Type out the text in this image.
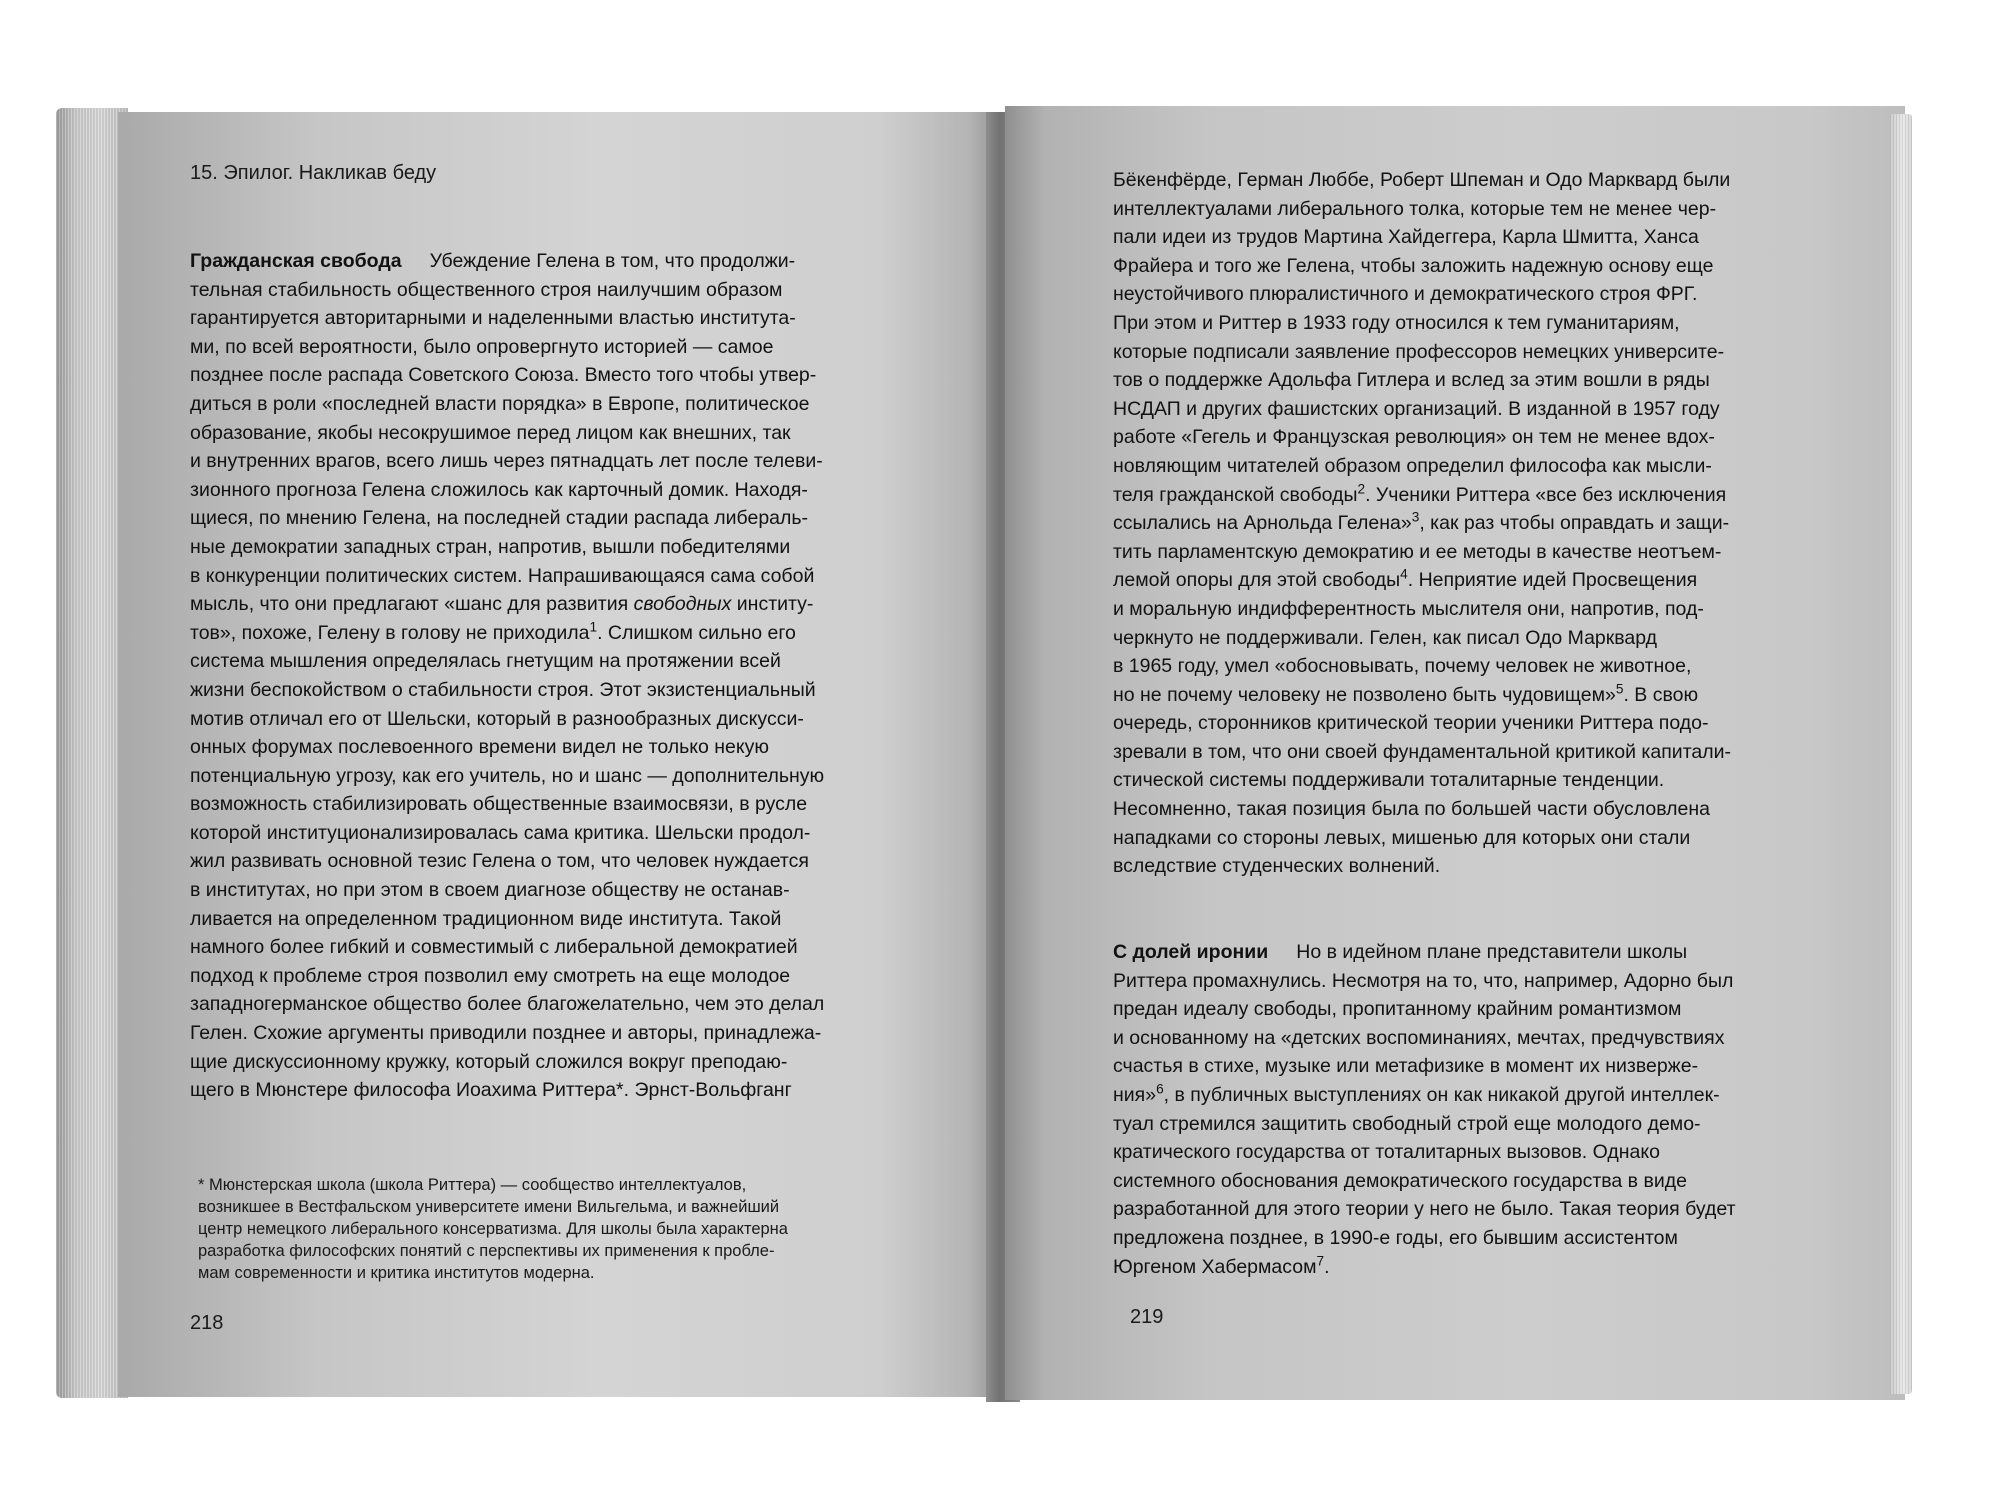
15. Эпилог. Накликав беду
Гражданская свобода Убеждение Гелена в том, что продолжи-
тельная стабильность общественного строя наилучшим образом
гарантируется авторитарными и наделенными властью института-
ми, по всей вероятности, было опровергнуто историей — самое
позднее после распада Советского Союза. Вместо того чтобы утвер-
диться в роли «последней власти порядка» в Европе, политическое
образование, якобы несокрушимое перед лицом как внешних, так
и внутренних врагов, всего лишь через пятнадцать лет после телеви-
зионного прогноза Гелена сложилось как карточный домик. Находя-
щиеся, по мнению Гелена, на последней стадии распада либераль-
ные демократии западных стран, напротив, вышли победителями
в конкуренции политических систем. Напрашивающаяся сама собой
мысль, что они предлагают «шанс для развития свободных институ-
тов», похоже, Гелену в голову не приходила$^1$. Слишком сильно его
система мышления определялась гнетущим на протяжении всей
жизни беспокойством о стабильности строя. Этот экзистенциальный
мотив отличал его от Шельски, который в разнообразных дискусси-
онных форумах послевоенного времени видел не только некую
потенциальную угрозу, как его учитель, но и шанс — дополнительную
возможность стабилизировать общественные взаимосвязи, в русле
которой институционализировалась сама критика. Шельски продол-
жил развивать основной тезис Гелена о том, что человек нуждается
в институтах, но при этом в своем диагнозе обществу не останав-
ливается на определенном традиционном виде института. Такой
намного более гибкий и совместимый с либеральной демократией
подход к проблеме строя позволил ему смотреть на еще молодое
западногерманское общество более благожелательно, чем это делал
Гелен. Схожие аргументы приводили позднее и авторы, принадлежа-
щие дискуссионному кружку, который сложился вокруг преподаю-
щего в Мюнстере философа Иоахима Риттера*. Эрнст-Вольфганг
* Мюнстерская школа (школа Риттера) — сообщество интеллектуалов,
возникшее в Вестфальском университете имени Вильгельма, и важнейший
центр немецкого либерального консерватизма. Для школы была характерна
разработка философских понятий с перспективы их применения к пробле-
мам современности и критика институтов модерна.
218
Бёкенфёрде, Герман Люббе, Роберт Шпеман и Одо Марквард были
интеллектуалами либерального толка, которые тем не менее чер-
пали идеи из трудов Мартина Хайдеггера, Карла Шмитта, Ханса
Фрайера и того же Гелена, чтобы заложить надежную основу еще
неустойчивого плюралистичного и демократического строя ФРГ.
При этом и Риттер в 1933 году относился к тем гуманитариям,
которые подписали заявление профессоров немецких университе-
тов о поддержке Адольфа Гитлера и вслед за этим вошли в ряды
НСДАП и других фашистских организаций. В изданной в 1957 году
работе «Гегель и Французская революция» он тем не менее вдох-
новляющим читателей образом определил философа как мысли-
теля гражданской свободы$^2$. Ученики Риттера «все без исключения
ссылались на Арнольда Гелена»$^3$, как раз чтобы оправдать и защи-
тить парламентскую демократию и ее методы в качестве неотъем-
лемой опоры для этой свободы$^4$. Неприятие идей Просвещения
и моральную индифферентность мыслителя они, напротив, под-
черкнуто не поддерживали. Гелен, как писал Одо Марквард
в 1965 году, умел «обосновывать, почему человек не животное,
но не почему человеку не позволено быть чудовищем»$^5$. В свою
очередь, сторонников критической теории ученики Риттера подо-
зревали в том, что они своей фундаментальной критикой капитали-
стической системы поддерживали тоталитарные тенденции.
Несомненно, такая позиция была по большей части обусловлена
нападками со стороны левых, мишенью для которых они стали
вследствие студенческих волнений.
С долей иронии Но в идейном плане представители школы
Риттера промахнулись. Несмотря на то, что, например, Адорно был
предан идеалу свободы, пропитанному крайним романтизмом
и основанному на «детских воспоминаниях, мечтах, предчувствиях
счастья в стихе, музыке или метафизике в момент их низверже-
ния»$^6$, в публичных выступлениях он как никакой другой интеллек-
туал стремился защитить свободный строй еще молодого демо-
кратического государства от тоталитарных вызовов. Однако
системного обоснования демократического государства в виде
разработанной для этого теории у него не было. Такая теория будет
предложена позднее, в 1990-е годы, его бывшим ассистентом
Юргеном Хабермасом$^7$.
219
